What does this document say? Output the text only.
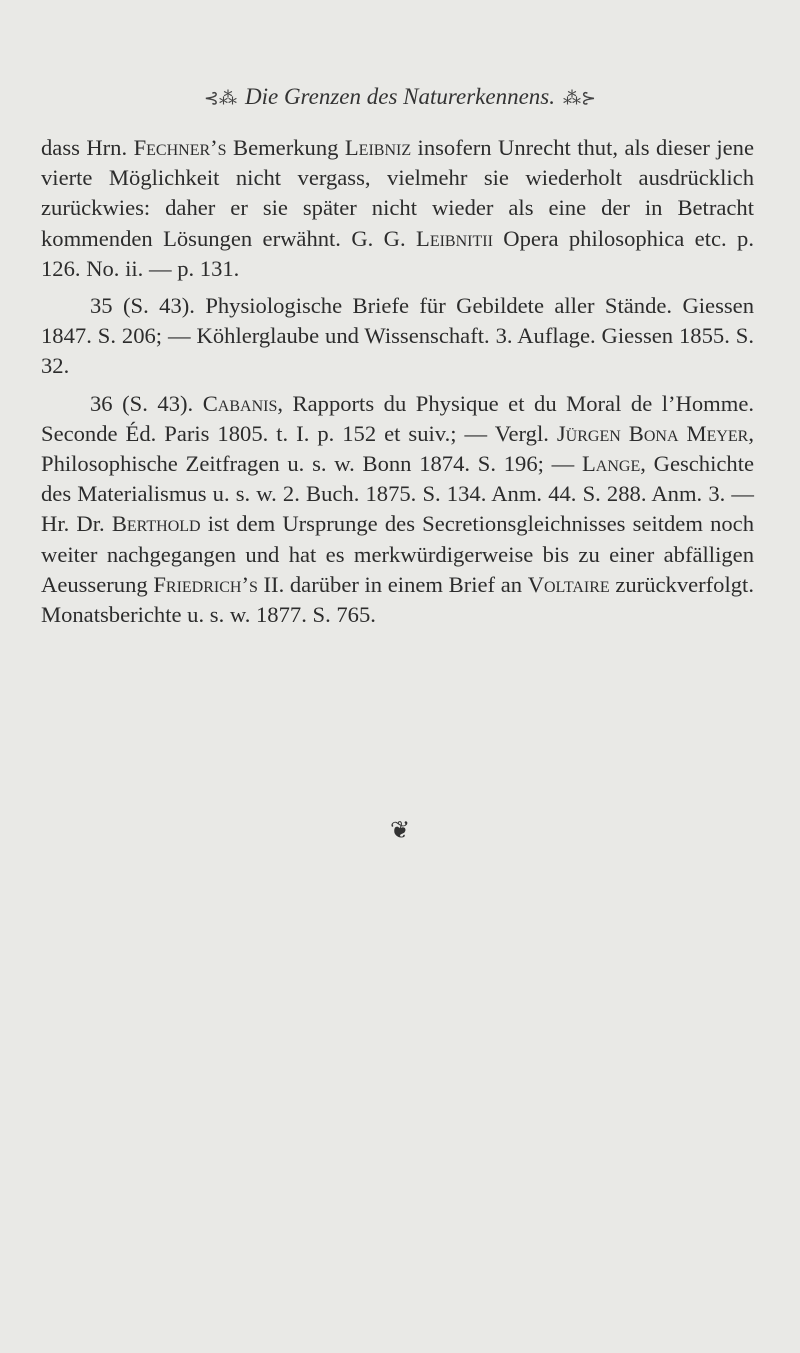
⊰⁂ Die Grenzen des Naturerkennens. ⁂⊱

dass Hrn. Fechner’s Bemerkung Leibniz insofern Unrecht thut, als dieser jene vierte Möglichkeit nicht vergass, vielmehr sie wiederholt ausdrücklich zurückwies: daher er sie später nicht wieder als eine der in Betracht kommenden Lösungen erwähnt. G. G. Leibnitii Opera philosophica etc. p. 126. No. ii. — p. 131.

35 (S. 43). Physiologische Briefe für Gebildete aller Stände. Giessen 1847. S. 206; — Köhlerglaube und Wissenschaft. 3. Auflage. Giessen 1855. S. 32.

36 (S. 43). Cabanis, Rapports du Physique et du Moral de l’Homme. Seconde Éd. Paris 1805. t. I. p. 152 et suiv.; — Vergl. Jürgen Bona Meyer, Philosophische Zeitfragen u. s. w. Bonn 1874. S. 196; — Lange, Geschichte des Materialismus u. s. w. 2. Buch. 1875. S. 134. Anm. 44. S. 288. Anm. 3. — Hr. Dr. Berthold ist dem Ursprunge des Secretionsgleichnisses seitdem noch weiter nachgegangen und hat es merkwürdigerweise bis zu einer abfälligen Aeusserung Friedrich’s II. darüber in einem Brief an Voltaire zurückverfolgt. Monatsberichte u. s. w. 1877. S. 765.

❦
